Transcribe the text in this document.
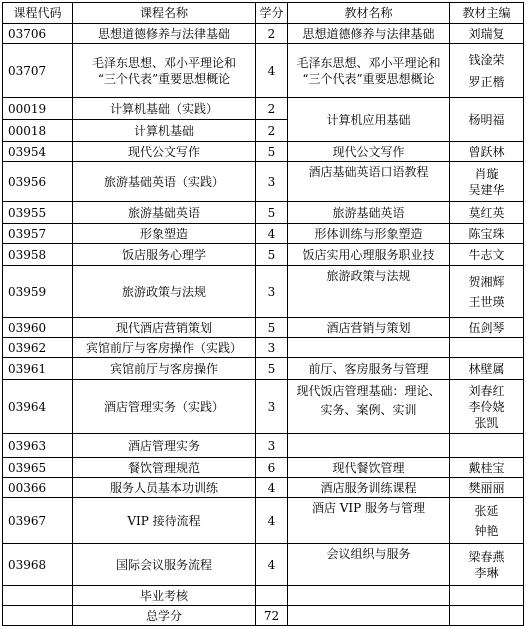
课程代码	课程名称	学分	教材名称	教材主编
03706	思想道德修养与法律基础	2	思想道德修养与法律基础	刘瑞复
03707	毛泽东思想、邓小平理论和
“三个代表”重要思想概论	4	毛泽东思想、邓小平理论和
“三个代表”重要思想概论	钱淦荣
罗正楷

00019	计算机基础（实践）	2	计算机应用基础	杨明福
00018	计算机基础	2		
03954	现代公文写作	5	现代公文写作	曾跃林
03956	旅游基础英语（实践）	3	酒店基础英语口语教程	肖璇
吴建华

03955	旅游基础英语	5	旅游基础英语	莫红英
03957	形象塑造	4	形体训练与形象塑造	陈宝珠
03958	饭店服务心理学	5	饭店实用心理服务职业技	牛志文
03959	旅游政策与法规	3	旅游政策与法规	贺湘辉
王世瑛

03960	现代酒店营销策划	5	酒店营销与策划	伍剑琴
03962	宾馆前厅与客房操作（实践）	3		
03961	宾馆前厅与客房操作	5	前厅、客房服务与管理	林壁属
03964	酒店管理实务（实践）	3	现代饭店管理基础：理论、
实务、案例、实训	刘春红
李伶娆
张凯

03963	酒店管理实务	3		
03965	餐饮管理规范	6	现代餐饮管理	戴桂宝
00366	服务人员基本功训练	4	酒店服务训练课程	樊丽丽
03967	VIP 接待流程	4	酒店 VIP 服务与管理	张延
钟艳

03968	国际会议服务流程	4	会议组织与服务	梁春燕
李琳

	毕业考核			
	总学分	72		
